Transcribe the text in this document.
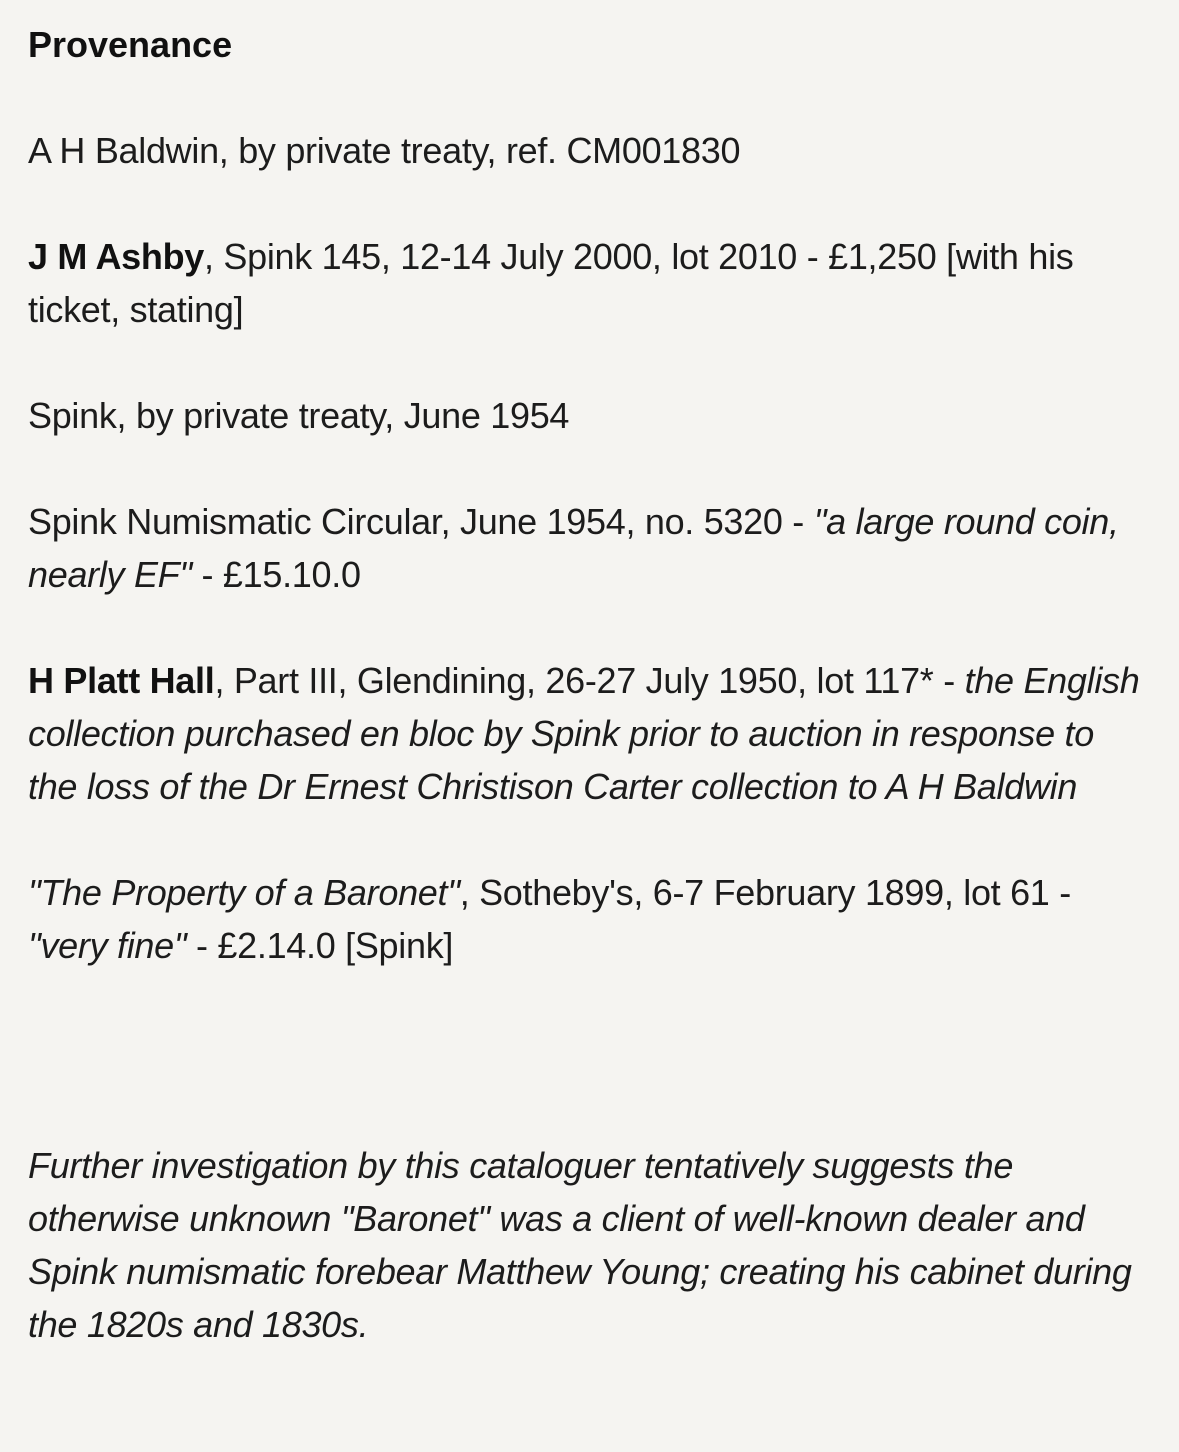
Provenance
A H Baldwin, by private treaty, ref. CM001830
J M Ashby, Spink 145, 12-14 July 2000, lot 2010 - £1,250 [with his ticket, stating]
Spink, by private treaty, June 1954
Spink Numismatic Circular, June 1954, no. 5320 - "a large round coin, nearly EF" - £15.10.0
H Platt Hall, Part III, Glendining, 26-27 July 1950, lot 117* - the English collection purchased en bloc by Spink prior to auction in response to the loss of the Dr Ernest Christison Carter collection to A H Baldwin
"The Property of a Baronet", Sotheby's, 6-7 February 1899, lot 61 - "very fine" - £2.14.0 [Spink]

Further investigation by this cataloguer tentatively suggests the otherwise unknown "Baronet" was a client of well-known dealer and Spink numismatic forebear Matthew Young; creating his cabinet during the 1820s and 1830s.
